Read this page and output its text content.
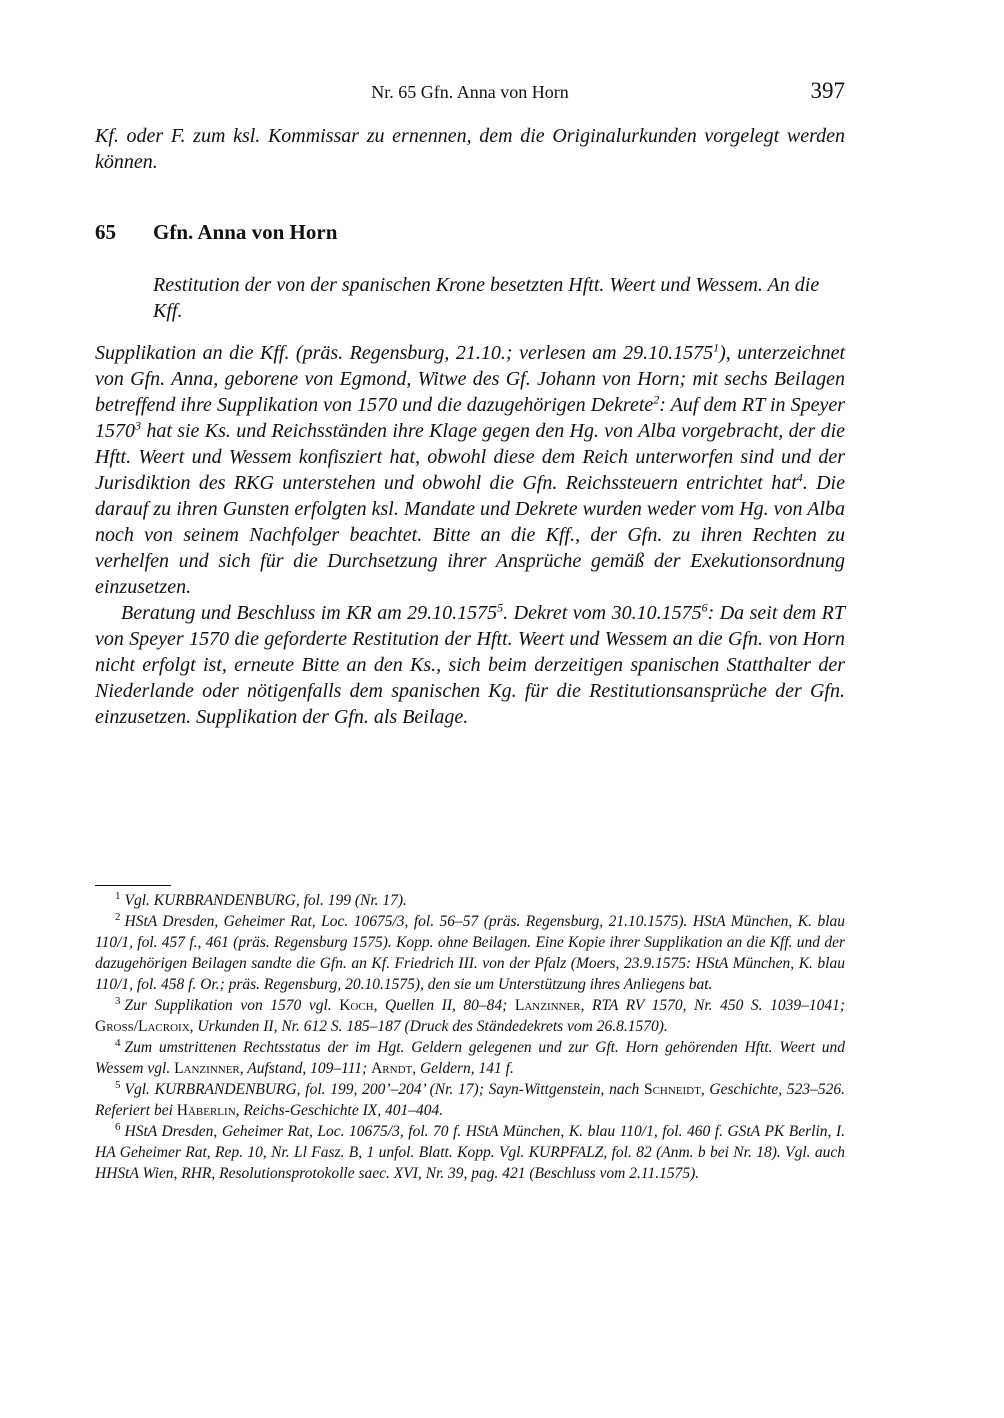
Nr. 65 Gfn. Anna von Horn	397
Kf. oder F. zum ksl. Kommissar zu ernennen, dem die Originalurkunden vorgelegt werden können.
65 Gfn. Anna von Horn
Restitution der von der spanischen Krone besetzten Hftt. Weert und Wessem. An die Kff.

Supplikation an die Kff. (präs. Regensburg, 21.10.; verlesen am 29.10.1575$^1$), unterzeichnet von Gfn. Anna, geborene von Egmond, Witwe des Gf. Johann von Horn; mit sechs Beilagen betreffend ihre Supplikation von 1570 und die dazugehörigen Dekrete$^2$: Auf dem RT in Speyer 1570$^3$ hat sie Ks. und Reichsständen ihre Klage gegen den Hg. von Alba vorgebracht, der die Hftt. Weert und Wessem konfisziert hat, obwohl diese dem Reich unterworfen sind und der Jurisdiktion des RKG unterstehen und obwohl die Gfn. Reichssteuern entrichtet hat$^4$. Die darauf zu ihren Gunsten erfolgten ksl. Mandate und Dekrete wurden weder vom Hg. von Alba noch von seinem Nachfolger beachtet. Bitte an die Kff., der Gfn. zu ihren Rechten zu verhelfen und sich für die Durchsetzung ihrer Ansprüche gemäß der Exekutionsordnung einzusetzen.

Beratung und Beschluss im KR am 29.10.1575$^5$. Dekret vom 30.10.1575$^6$: Da seit dem RT von Speyer 1570 die geforderte Restitution der Hftt. Weert und Wessem an die Gfn. von Horn nicht erfolgt ist, erneute Bitte an den Ks., sich beim derzeitigen spanischen Statthalter der Niederlande oder nötigenfalls dem spanischen Kg. für die Restitutionsansprüche der Gfn. einzusetzen. Supplikation der Gfn. als Beilage.

$^1$ Vgl. KURBRANDENBURG, fol. 199 (Nr. 17).

$^2$ HStA Dresden, Geheimer Rat, Loc. 10675/3, fol. 56–57 (präs. Regensburg, 21.10.1575). HStA München, K. blau 110/1, fol. 457 f., 461 (präs. Regensburg 1575). Kopp. ohne Beilagen. Eine Kopie ihrer Supplikation an die Kff. und der dazugehörigen Beilagen sandte die Gfn. an Kf. Friedrich III. von der Pfalz (Moers, 23.9.1575: HStA München, K. blau 110/1, fol. 458 f. Or.; präs. Regensburg, 20.10.1575), den sie um Unterstützung ihres Anliegens bat.

$^3$ Zur Supplikation von 1570 vgl. Koch, Quellen II, 80–84; Lanzinner, RTA RV 1570, Nr. 450 S. 1039–1041; Gross/Lacroix, Urkunden II, Nr. 612 S. 185–187 (Druck des Ständedekrets vom 26.8.1570).

$^4$ Zum umstrittenen Rechtsstatus der im Hgt. Geldern gelegenen und zur Gft. Horn gehörenden Hftt. Weert und Wessem vgl. Lanzinner, Aufstand, 109–111; Arndt, Geldern, 141 f.

$^5$ Vgl. KURBRANDENBURG, fol. 199, 200’–204’ (Nr. 17); Sayn-Wittgenstein, nach Schneidt, Geschichte, 523–526. Referiert bei Häberlin, Reichs-Geschichte IX, 401–404.

$^6$ HStA Dresden, Geheimer Rat, Loc. 10675/3, fol. 70 f. HStA München, K. blau 110/1, fol. 460 f. GStA PK Berlin, I. HA Geheimer Rat, Rep. 10, Nr. Ll Fasz. B, 1 unfol. Blatt. Kopp. Vgl. KURPFALZ, fol. 82 (Anm. b bei Nr. 18). Vgl. auch HHStA Wien, RHR, Resolutionsprotokolle saec. XVI, Nr. 39, pag. 421 (Beschluss vom 2.11.1575).
